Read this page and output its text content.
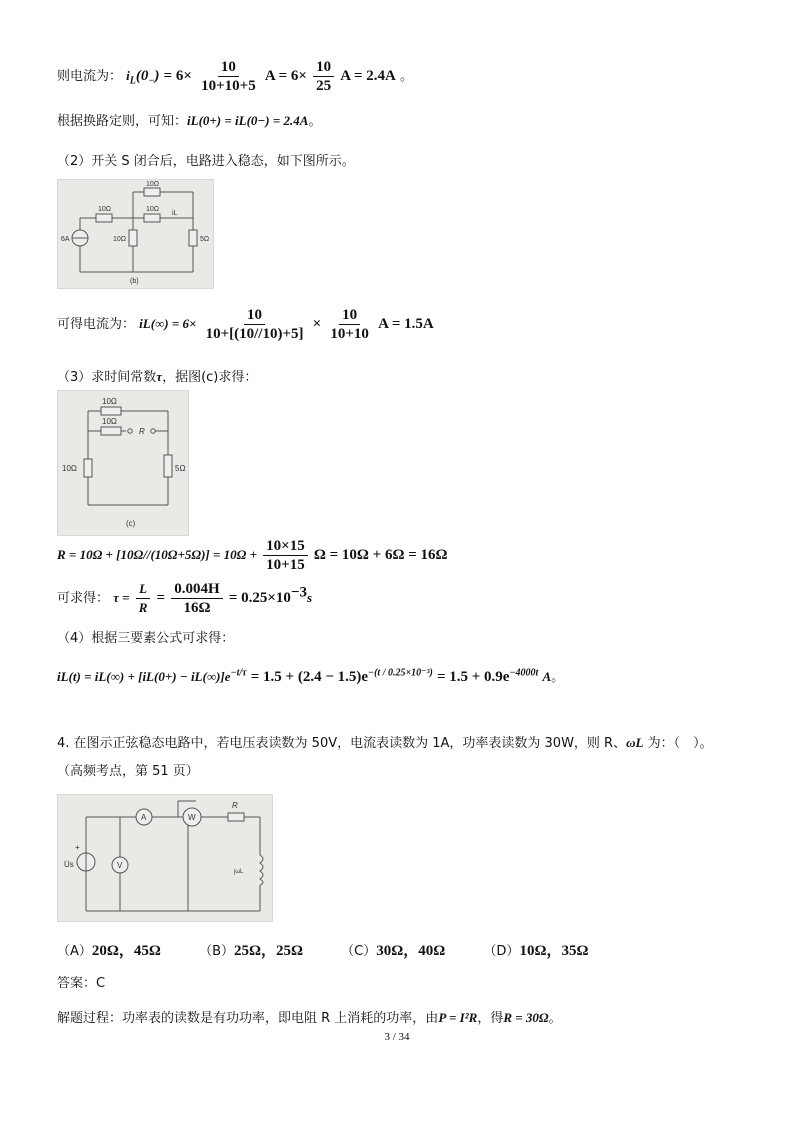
则电流为： $i_L(0_-) = 6\times \frac{10}{10+10+5}$ $A = 6\times \frac{10}{25}$ A = 2.4A 。
根据换路定则，可知：iL(0+) = iL(0−) = 2.4A。
（2）开关 S 闭合后，电路进入稳态，如下图所示。
10Ω
10Ω	10Ω
10Ω	5Ω
6A
iL
(b)
可得电流为： $iL(\infty) = 6\times \frac{10}{10+[(10//10)+5]} \times \frac{10}{10+10}$ A = 1.5A
（3）求时间常数τ，据图(c)求得：
10Ω
10Ω
R
10Ω	5Ω
(c)
$R = 10\Omega + [10\Omega//(10\Omega+5\Omega)] = 10\Omega + \frac{10\times 15}{10+15}$ Ω = 10Ω + 6Ω = 16Ω
可求得： $\tau = \frac{L}{R} = \frac{0.004H}{16\Omega} = 0.25\times 10^{-3}s$
（4）根据三要素公式可求得：
$iL(t) = iL(\infty) + [iL(0+) - iL(\infty)]e^{-t/\tau} = 1.5 + (2.4 - 1.5)e^{-(t / 0.25\times 10^{-3})} = 1.5 + 0.9e^{-4000t}$ A。
4. 在图示正弦稳态电路中，若电压表读数为 50V，电流表读数为 1A，功率表读数为 30W，则 R、ωL 为：（　）。
（高频考点，第 51 页）
A	W
R
V
+
U̇s
jωL
（A）20Ω，45Ω	（B）25Ω，25Ω	（C）30Ω，40Ω	（D）10Ω，35Ω
答案：C
解题过程：功率表的读数是有功功率，即电阻 R 上消耗的功率，由P = I²R，得R = 30Ω。
3 / 34
